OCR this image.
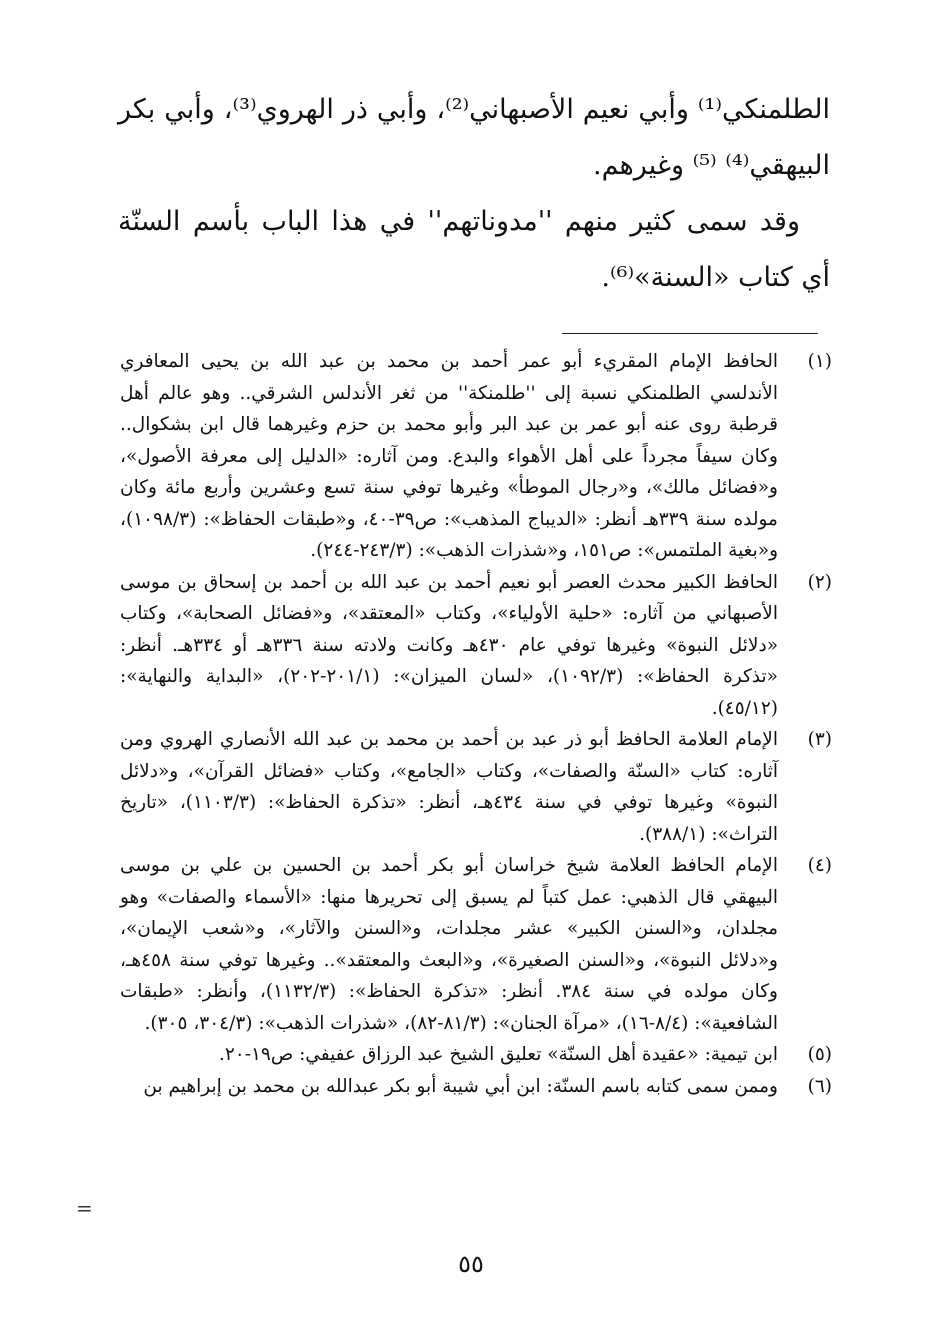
الطلمنكي⁽¹⁾ وأبي نعيم الأصبهاني⁽²⁾، وأبي ذر الهروي⁽³⁾، وأبي بكر البيهقي⁽⁴⁾ ⁽⁵⁾ وغيرهم.

وقد سمى كثير منهم ''مدوناتهم'' في هذا الباب بأسم السنّة أي كتاب «السنة»⁽⁶⁾.

(١)
الحافظ الإمام المقريء أبو عمر أحمد بن محمد بن عبد الله بن يحيى المعافري الأندلسي الطلمنكي نسبة إلى ''طلمنكة'' من ثغر الأندلس الشرقي.. وهو عالم أهل قرطبة روى عنه أبو عمر بن عبد البر وأبو محمد بن حزم وغيرهما قال ابن بشكوال.. وكان سيفاً مجرداً على أهل الأهواء والبدع. ومن آثاره: «الدليل إلى معرفة الأصول»، و«فضائل مالك»، و«رجال الموطأ» وغيرها توفي سنة تسع وعشرين وأربع مائة وكان مولده سنة ٣٣٩هـ أنظر: «الديباج المذهب»: ص٣٩-٤٠، و«طبقات الحفاظ»: (١٠٩٨/٣)، و«بغية الملتمس»: ص١٥١، و«شذرات الذهب»: (٢٤٣/٣-٢٤٤).
(٢)
الحافظ الكبير محدث العصر أبو نعيم أحمد بن عبد الله بن أحمد بن إسحاق بن موسى الأصبهاني من آثاره: «حلية الأولياء»، وكتاب «المعتقد»، و«فضائل الصحابة»، وكتاب «دلائل النبوة» وغيرها توفي عام ٤٣٠هـ وكانت ولادته سنة ٣٣٦هـ أو ٣٣٤هـ. أنظر: «تذكرة الحفاظ»: (١٠٩٢/٣)، «لسان الميزان»: (٢٠١/١-٢٠٢)، «البداية والنهاية»: (٤٥/١٢).
(٣)
الإمام العلامة الحافظ أبو ذر عبد بن أحمد بن محمد بن عبد الله الأنصاري الهروي ومن آثاره: كتاب «السنّة والصفات»، وكتاب «الجامع»، وكتاب «فضائل القرآن»، و«دلائل النبوة» وغيرها توفي في سنة ٤٣٤هـ، أنظر: «تذكرة الحفاظ»: (١١٠٣/٣)، «تاريخ التراث»: (٣٨٨/١).
(٤)
الإمام الحافظ العلامة شيخ خراسان أبو بكر أحمد بن الحسين بن علي بن موسى البيهقي قال الذهبي: عمل كتباً لم يسبق إلى تحريرها منها: «الأسماء والصفات» وهو مجلدان، و«السنن الكبير» عشر مجلدات، و«السنن والآثار»، و«شعب الإيمان»، و«دلائل النبوة»، و«السنن الصغيرة»، و«البعث والمعتقد».. وغيرها توفي سنة ٤٥٨هـ، وكان مولده في سنة ٣٨٤. أنظر: «تذكرة الحفاظ»: (١١٣٢/٣)، وأنظر: «طبقات الشافعية»: (٨/٤-١٦)، «مرآة الجنان»: (٨١/٣-٨٢)، «شذرات الذهب»: (٣٠٤/٣، ٣٠٥).
(٥)
ابن تيمية: «عقيدة أهل السنّة» تعليق الشيخ عبد الرزاق عفيفي: ص١٩-٢٠.
(٦)
وممن سمى كتابه باسم السنّة: ابن أبي شيبة أبو بكر عبدالله بن محمد بن إبراهيم بن
=
٥٥
